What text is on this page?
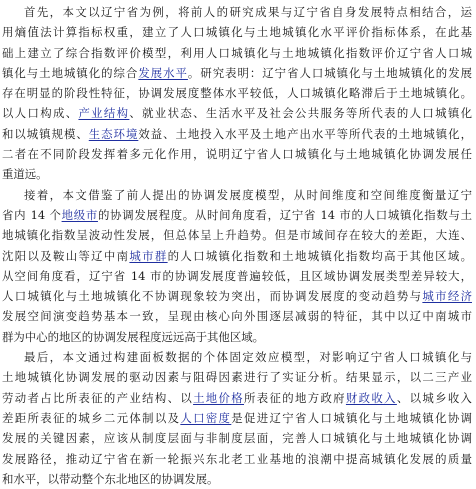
首先，本文以辽宁省为例，将前人的研究成果与辽宁省自身发展特点相结合，运
用熵值法计算指标权重，建立了人口城镇化与土地城镇化水平评价指标体系，在此基
础上建立了综合指数评价模型，利用人口城镇化与土地城镇化指数评价辽宁省人口城
镇化与土地城镇化的综合发展水平。研究表明：辽宁省人口城镇化与土地城镇化的发展
存在明显的阶段性特征，协调发展度整体水平较低，人口城镇化略滞后于土地城镇化。
以人口构成、产业结构、就业状态、生活水平及社会公共服务等所代表的人口城镇化
和以城镇规模、生态环境效益、土地投入水平及土地产出水平等所代表的土地城镇化，
二者在不同阶段发挥着多元化作用，说明辽宁省人口城镇化与土地城镇化协调发展任
重道远。
接着，本文借鉴了前人提出的协调发展度模型，从时间维度和空间维度衡量辽宁
省内 14 个地级市的协调发展程度。从时间角度看，辽宁省 14 市的人口城镇化指数与土
地城镇化指数呈波动性发展，但总体呈上升趋势。但是市域间存在较大的差距，大连、
沈阳以及鞍山等辽中南城市群的人口城镇化指数和土地城镇化指数均高于其他区域。
从空间角度看，辽宁省 14 市的协调发展度普遍较低，且区域协调发展类型差异较大，
人口城镇化与土地城镇化不协调现象较为突出，而协调发展度的变动趋势与城市经济
发展空间演变趋势基本一致，呈现由核心向外围逐层减弱的特征，其中以辽中南城市
群为中心的地区的协调发展程度远远高于其他区域。
最后，本文通过构建面板数据的个体固定效应模型，对影响辽宁省人口城镇化与
土地城镇化协调发展的驱动因素与阻碍因素进行了实证分析。结果显示，以二三产业
劳动者占比所表征的产业结构、以土地价格所表征的地方政府财政收入、以城乡收入
差距所表征的城乡二元体制以及人口密度是促进辽宁省人口城镇化与土地城镇化协调
发展的关键因素，应该从制度层面与非制度层面，完善人口城镇化与土地城镇化协调
发展路径，推动辽宁省在新一轮振兴东北老工业基地的浪潮中提高城镇化发展的质量
和水平，以带动整个东北地区的协调发展。
